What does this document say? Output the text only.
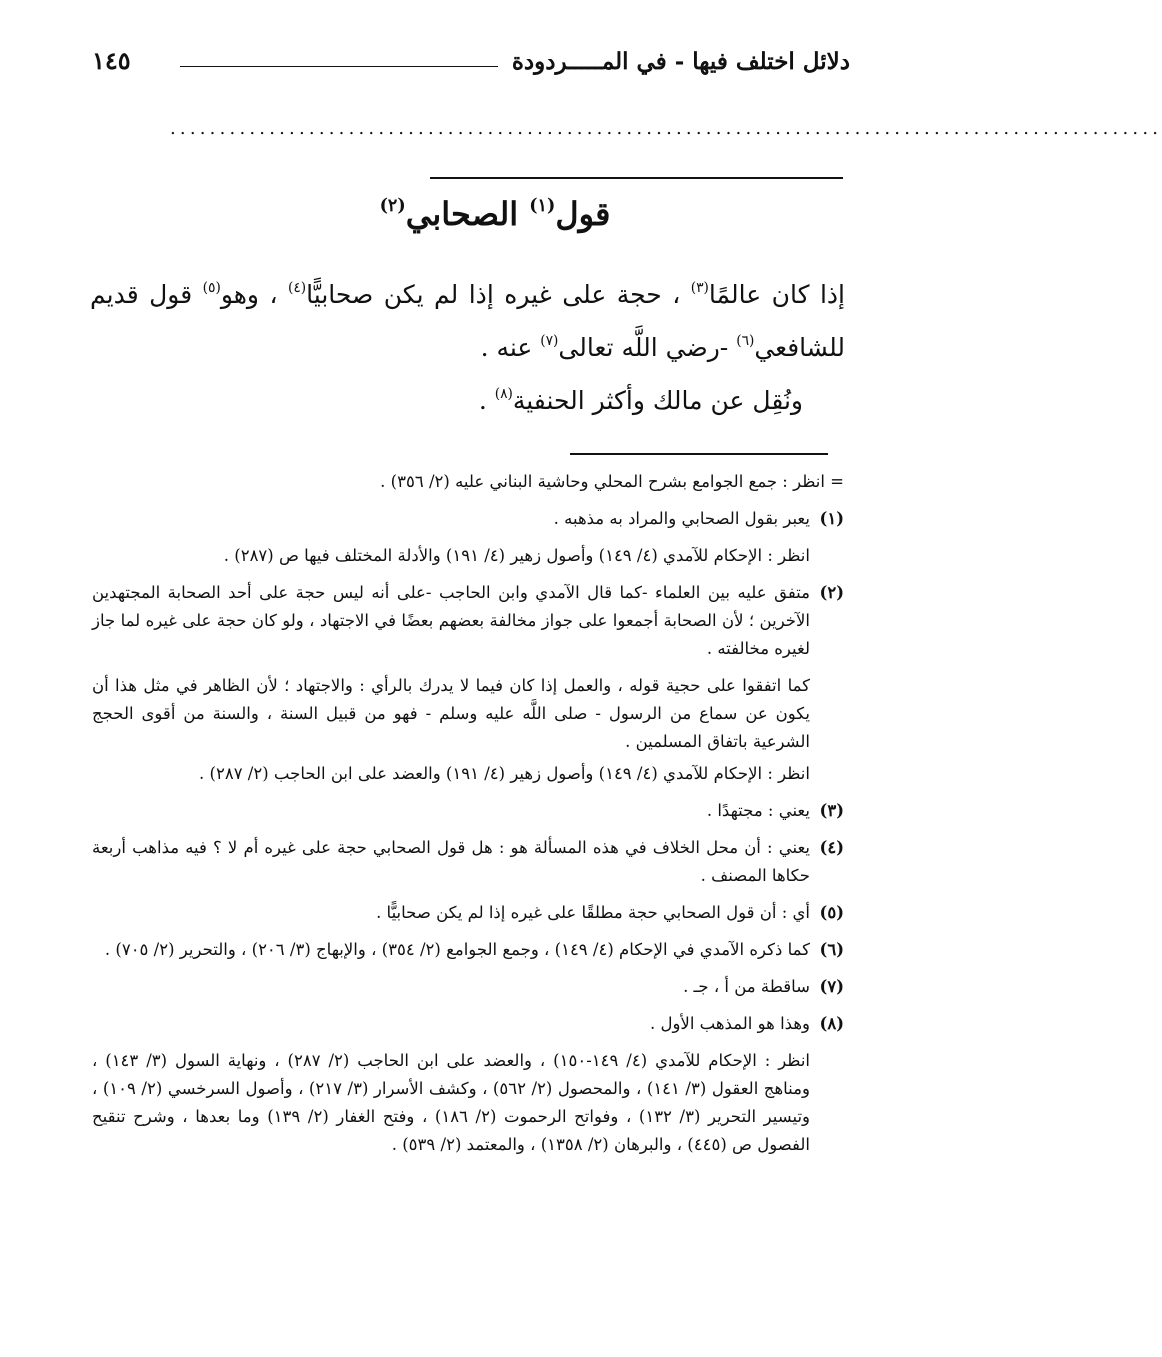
دلائل اختلف فيها - في المـــــردودة
١٤٥
....................................................................................................
قول$^{(١)}$ الصحابي$^{(٢)}$

إذا كان عالمًا$^{(٣)}$ ، حجة على غيره إذا لم يكن صحابيًّا$^{(٤)}$ ، وهو$^{(٥)}$ قول قديم للشافعي$^{(٦)}$ -رضي اللَّه تعالى$^{(٧)}$ عنه .

ونُقِل عن مالك وأكثر الحنفية$^{(٨)}$ .

= انظر : جمع الجوامع بشرح المحلي وحاشية البناني عليه (٢/ ٣٥٦) .

(١)

يعبر بقول الصحابي والمراد به مذهبه .

انظر : الإحكام للآمدي (٤/ ١٤٩) وأصول زهير (٤/ ١٩١) والأدلة المختلف فيها ص (٢٨٧) .

(٢)

متفق عليه بين العلماء -كما قال الآمدي وابن الحاجب -على أنه ليس حجة على أحد الصحابة المجتهدين الآخرين ؛ لأن الصحابة أجمعوا على جواز مخالفة بعضهم بعضًا في الاجتهاد ، ولو كان حجة على غيره لما جاز لغيره مخالفته .

كما اتفقوا على حجية قوله ، والعمل إذا كان فيما لا يدرك بالرأي : والاجتهاد ؛ لأن الظاهر في مثل هذا أن يكون عن سماع من الرسول - صلى اللَّه عليه وسلم - فهو من قبيل السنة ، والسنة من أقوى الحجج الشرعية باتفاق المسلمين .

انظر : الإحكام للآمدي (٤/ ١٤٩) وأصول زهير (٤/ ١٩١) والعضد على ابن الحاجب (٢/ ٢٨٧) .

(٣)

يعني : مجتهدًا .

(٤)

يعني : أن محل الخلاف في هذه المسألة هو : هل قول الصحابي حجة على غيره أم لا ؟ فيه مذاهب أربعة حكاها المصنف .

(٥)

أي : أن قول الصحابي حجة مطلقًا على غيره إذا لم يكن صحابيًّا .

(٦)

كما ذكره الآمدي في الإحكام (٤/ ١٤٩) ، وجمع الجوامع (٢/ ٣٥٤) ، والإبهاج (٣/ ٢٠٦) ، والتحرير (٢/ ٧٠٥) .

(٧)

ساقطة من أ ، جـ .

(٨)

وهذا هو المذهب الأول .

انظر : الإحكام للآمدي (٤/ ١٤٩-١٥٠) ، والعضد على ابن الحاجب (٢/ ٢٨٧) ، ونهاية السول (٣/ ١٤٣) ، ومناهج العقول (٣/ ١٤١) ، والمحصول (٢/ ٥٦٢) ، وكشف الأسرار (٣/ ٢١٧) ، وأصول السرخسي (٢/ ١٠٩) ، وتيسير التحرير (٣/ ١٣٢) ، وفواتح الرحموت (٢/ ١٨٦) ، وفتح الغفار (٢/ ١٣٩) وما بعدها ، وشرح تنقيح الفصول ص (٤٤٥) ، والبرهان (٢/ ١٣٥٨) ، والمعتمد (٢/ ٥٣٩) .
